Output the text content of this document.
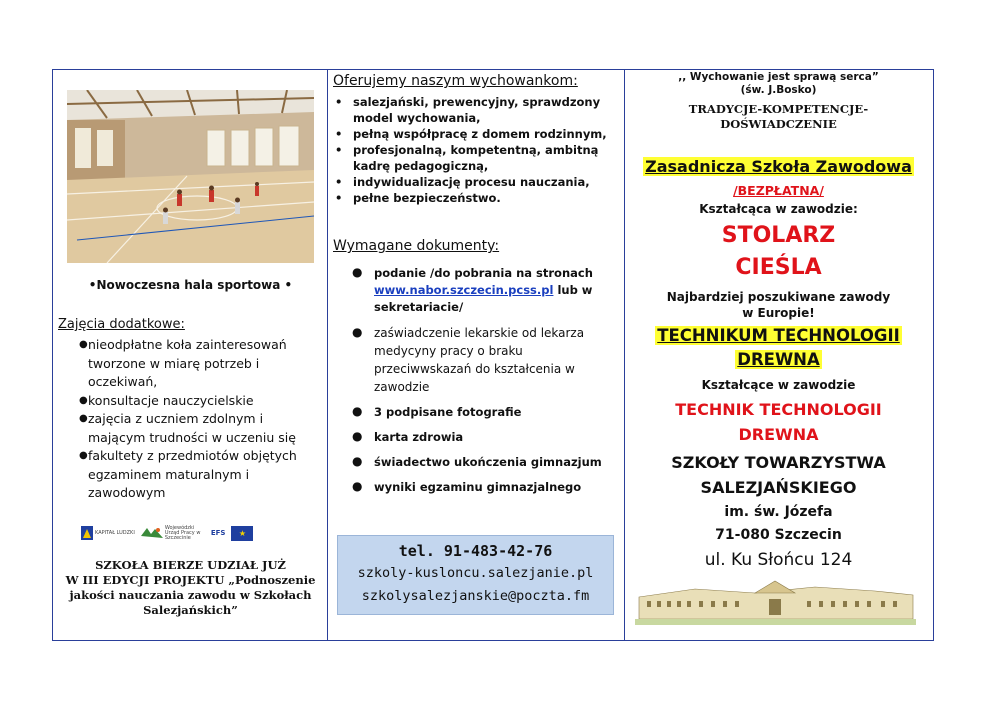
•Nowoczesna hala sportowa •
Zajęcia dodatkowe:
● nieodpłatne koła zainteresowań tworzone w miarę potrzeb i oczekiwań,
● konsultacje nauczycielskie
● zajęcia z uczniem zdolnym i mającym trudności w uczeniu się
● fakultety z przedmiotów objętych egzaminem maturalnym i zawodowym
KAPITAŁ LUDZKI
Wojewódzki Urząd Pracy w Szczecinie
EFS	★
SZKOŁA BIERZE UDZIAŁ JUŻ
W III EDYCJI PROJEKTU „Podnoszenie
jakości nauczania zawodu w Szkołach
Salezjańskich”
Oferujemy naszym wychowankom:
• salezjański, prewencyjny, sprawdzony model wychowania,
• pełną współpracę z domem rodzinnym,
• profesjonalną, kompetentną, ambitną kadrę pedagogiczną,
• indywidualizację procesu nauczania,
• pełne bezpieczeństwo.
Wymagane dokumenty:
● podanie /do pobrania na stronach
www.nabor.szczecin.pcss.pl lub w sekretariacie/
● zaświadczenie lekarskie od lekarza medycyny pracy o braku przeciwwskazań do kształcenia w zawodzie
● 3 podpisane fotografie
● karta zdrowia
● świadectwo ukończenia gimnazjum
● wyniki egzaminu gimnazjalnego
tel. 91-483-42-76
szkoly-kusloncu.salezjanie.pl
szkolysalezjanskie@poczta.fm
,, Wychowanie jest sprawą serca”
(św. J.Bosko)
TRADYCJE-KOMPETENCJE-
DOŚWIADCZENIE
Zasadnicza Szkoła Zawodowa
/BEZPŁATNA/
Kształcąca w zawodzie:
STOLARZ
CIEŚLA
Najbardziej poszukiwane zawody
w Europie!
TECHNIKUM TECHNOLOGII
DREWNA
Kształcące w zawodzie
TECHNIK TECHNOLOGII
DREWNA
SZKOŁY TOWARZYSTWA
SALEZJAŃSKIEGO
im. św. Józefa
71-080 Szczecin
ul. Ku Słońcu 124
